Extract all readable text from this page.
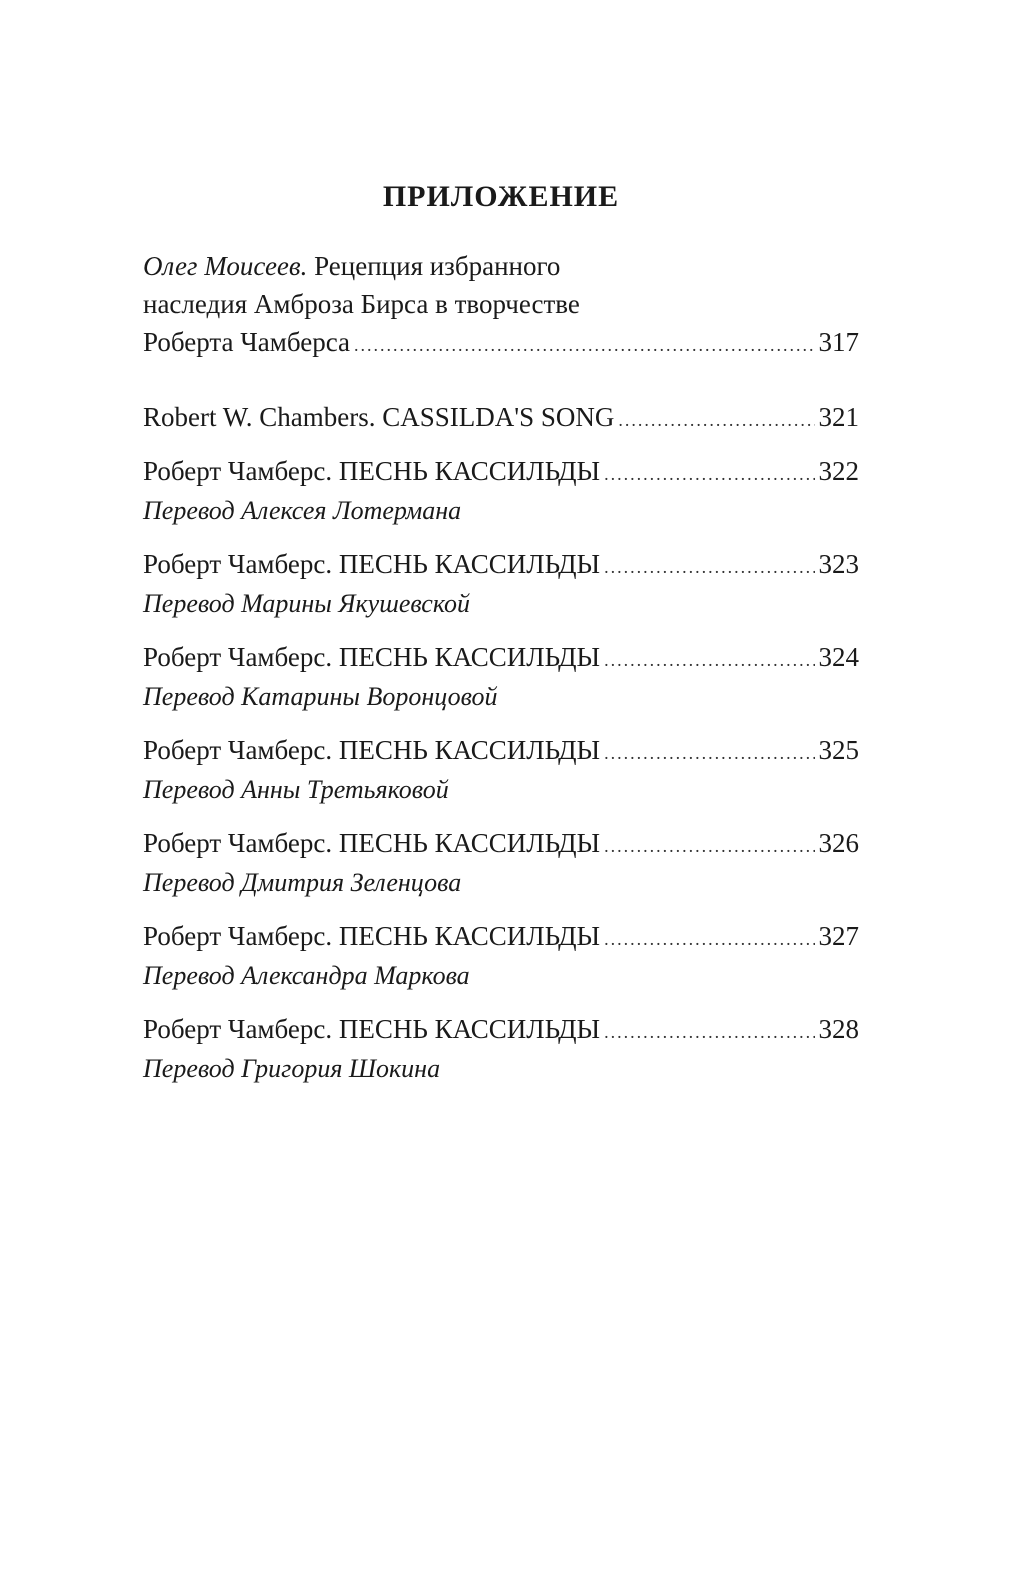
ПРИЛОЖЕНИЕ
Олег Моисеев. Рецепция избранного
наследия Амброза Бирса в творчестве
Роберта Чамберса .....	317
Robert W. Chambers. CASSILDA'S SONG .....	321
Роберт Чамберс. ПЕСНЬ КАССИЛЬДЫ .....	322
Перевод Алексея Лотермана
Роберт Чамберс. ПЕСНЬ КАССИЛЬДЫ .....	323
Перевод Марины Якушевской
Роберт Чамберс. ПЕСНЬ КАССИЛЬДЫ .....	324
Перевод Катарины Воронцовой
Роберт Чамберс. ПЕСНЬ КАССИЛЬДЫ .....	325
Перевод Анны Третьяковой
Роберт Чамберс. ПЕСНЬ КАССИЛЬДЫ .....	326
Перевод Дмитрия Зеленцова
Роберт Чамберс. ПЕСНЬ КАССИЛЬДЫ .....	327
Перевод Александра Маркова
Роберт Чамберс. ПЕСНЬ КАССИЛЬДЫ .....	328
Перевод Григория Шокина
